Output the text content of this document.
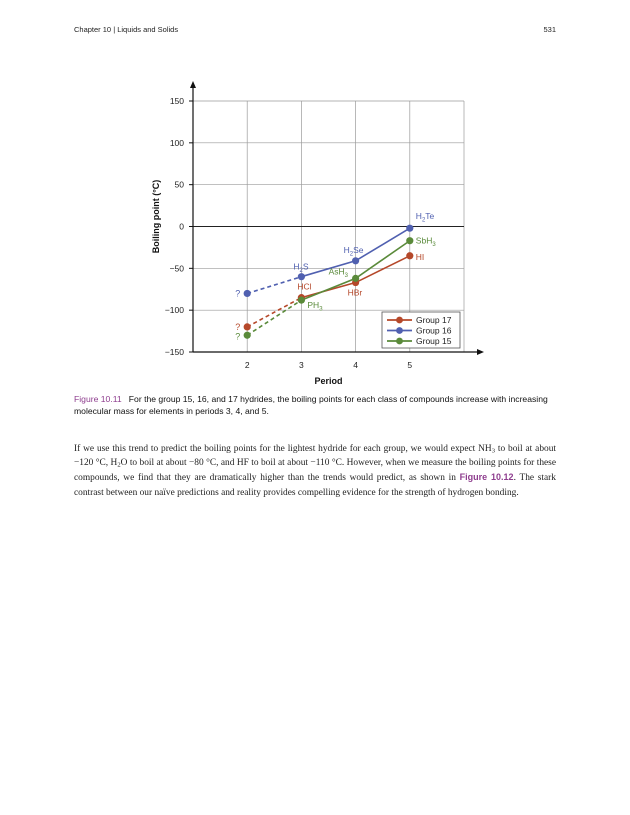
Chapter 10 | Liquids and Solids	531
150
100
50
0
−50
−100
−150
2	3	4	5
Period
Boiling point (°C)
?
HCl
HBr
HI
?
$H_2S$
$H_2Se$
$H_2Te$
?
$PH_3$
AsH$_3$
SbH$_3$
Group 17
Group 16
Group 15
Figure 10.11 For the group 15, 16, and 17 hydrides, the boiling points for each class of compounds increase with increasing molecular mass for elements in periods 3, 4, and 5.
If we use this trend to predict the boiling points for the lightest hydride for each group, we would expect $NH_3$ to boil at about −120 °C, $H_2O$ to boil at about −80 °C, and HF to boil at about −110 °C. However, when we measure the boiling points for these compounds, we find that they are dramatically higher than the trends would predict, as shown in Figure 10.12. The stark contrast between our naïve predictions and reality provides compelling evidence for the strength of hydrogen bonding.
